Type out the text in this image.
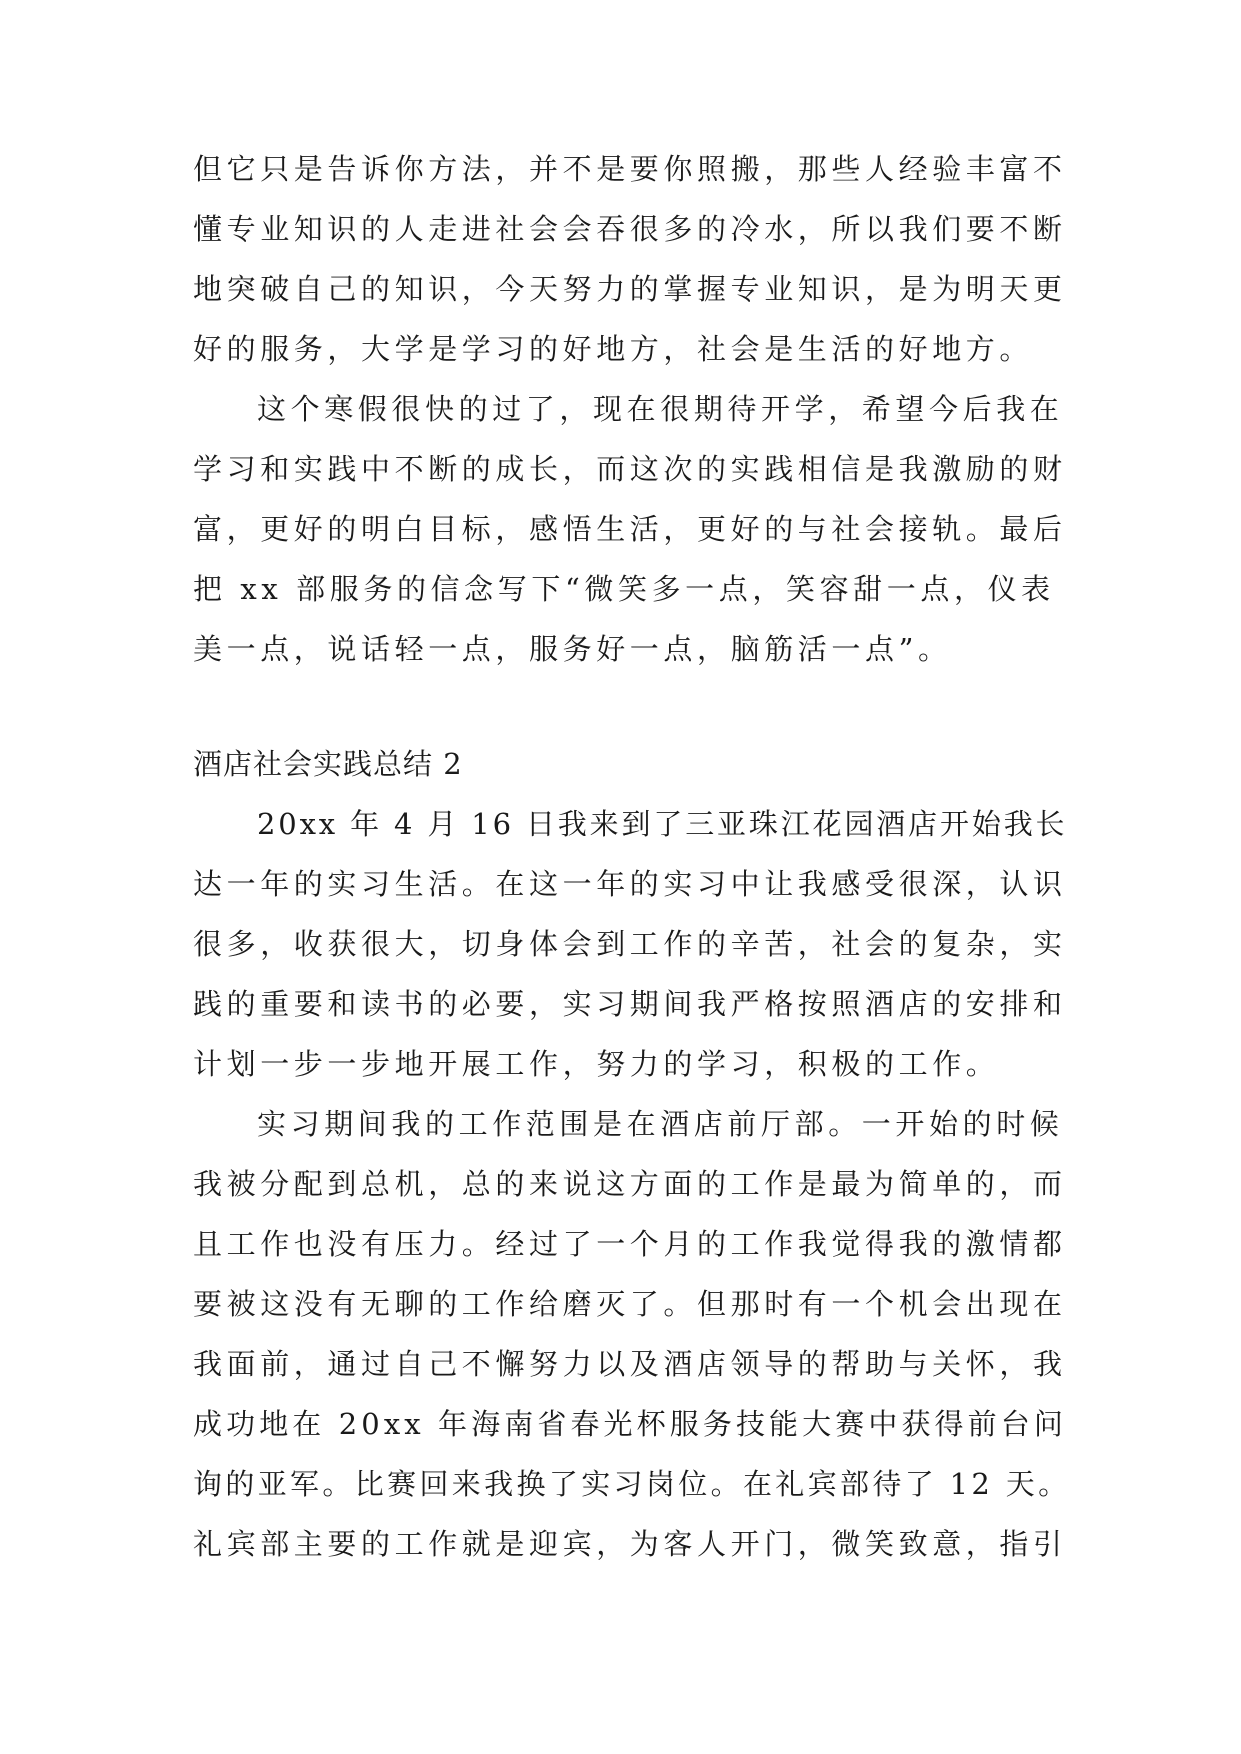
但它只是告诉你方法，并不是要你照搬，那些人经验丰富不
懂专业知识的人走进社会会吞很多的冷水，所以我们要不断
地突破自己的知识，今天努力的掌握专业知识，是为明天更
好的服务，大学是学习的好地方，社会是生活的好地方。
这个寒假很快的过了，现在很期待开学，希望今后我在
学习和实践中不断的成长，而这次的实践相信是我激励的财
富，更好的明白目标，感悟生活，更好的与社会接轨。最后
把 xx 部服务的信念写下“微笑多一点，笑容甜一点，仪表
美一点，说话轻一点，服务好一点，脑筋活一点”。
酒店社会实践总结 2
20xx 年 4 月 16 日我来到了三亚珠江花园酒店开始我长
达一年的实习生活。在这一年的实习中让我感受很深，认识
很多，收获很大，切身体会到工作的辛苦，社会的复杂，实
践的重要和读书的必要，实习期间我严格按照酒店的安排和
计划一步一步地开展工作，努力的学习，积极的工作。
实习期间我的工作范围是在酒店前厅部。一开始的时候
我被分配到总机，总的来说这方面的工作是最为简单的，而
且工作也没有压力。经过了一个月的工作我觉得我的激情都
要被这没有无聊的工作给磨灭了。但那时有一个机会出现在
我面前，通过自己不懈努力以及酒店领导的帮助与关怀，我
成功地在 20xx 年海南省春光杯服务技能大赛中获得前台问
询的亚军。比赛回来我换了实习岗位。在礼宾部待了 12 天。
礼宾部主要的工作就是迎宾，为客人开门，微笑致意，指引
